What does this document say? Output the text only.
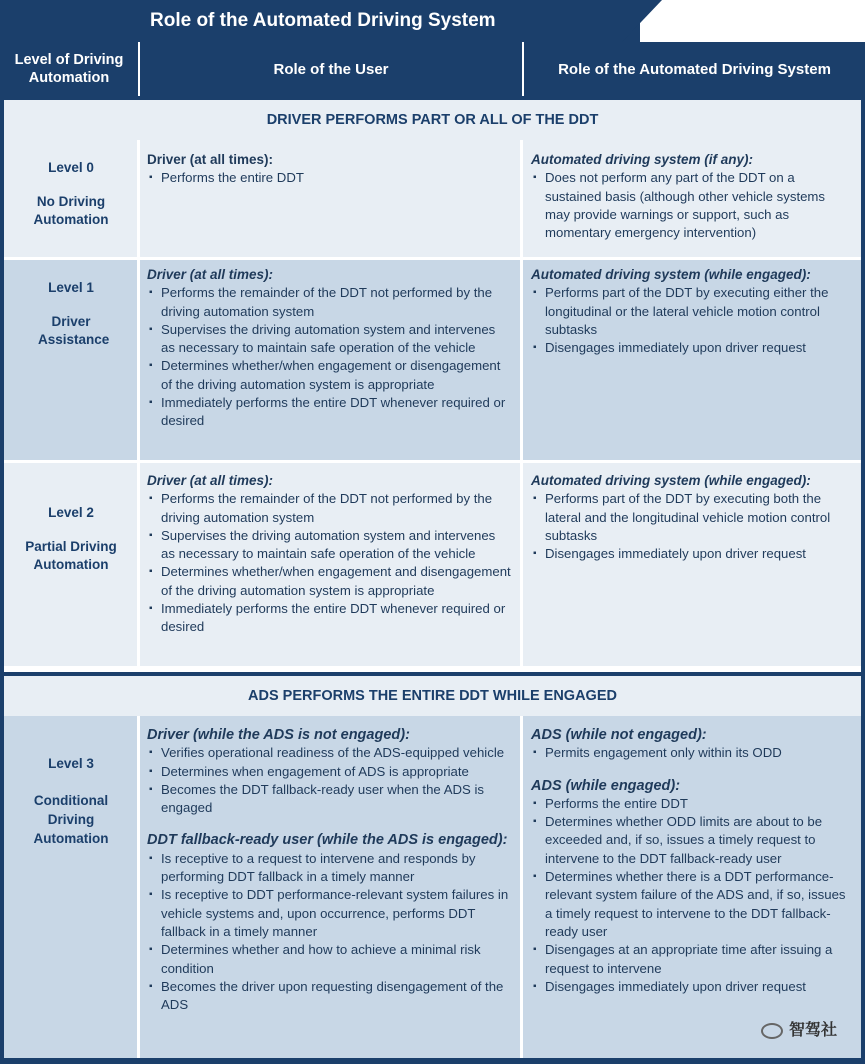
Role of the Automated Driving System
Level of Driving Automation
Role of the User	Role of the Automated Driving System
DRIVER PERFORMS PART OR ALL OF THE DDT
ADS PERFORMS THE ENTIRE DDT WHILE ENGAGED
Level 0
No Driving Automation
Level 1
Driver Assistance
Level 2
Partial Driving Automation
Level 3
Conditional Driving Automation
Driver (at all times):
▪ Performs the entire DDT
Driver (at all times):
▪ Performs the remainder of the DDT not performed by the driving automation system
▪ Supervises the driving automation system and intervenes as necessary to maintain safe operation of the vehicle
▪ Determines whether/when engagement or disengagement of the driving automation system is appropriate
▪ Immediately performs the entire DDT whenever required or desired
Driver (at all times):
▪ Performs the remainder of the DDT not performed by the driving automation system
▪ Supervises the driving automation system and intervenes as necessary to maintain safe operation of the vehicle
▪ Determines whether/when engagement and disengagement of the driving automation system is appropriate
▪ Immediately performs the entire DDT whenever required or desired
Driver (while the ADS is not engaged):
▪ Verifies operational readiness of the ADS-equipped vehicle
▪ Determines when engagement of ADS is appropriate
▪ Becomes the DDT fallback-ready user when the ADS is engaged
DDT fallback-ready user (while the ADS is engaged):
▪ Is receptive to a request to intervene and responds by performing DDT fallback in a timely manner
▪ Is receptive to DDT performance-relevant system failures in vehicle systems and, upon occurrence, performs DDT fallback in a timely manner
▪ Determines whether and how to achieve a minimal risk condition
▪ Becomes the driver upon requesting disengagement of the ADS
Automated driving system (if any):
▪ Does not perform any part of the DDT on a sustained basis (although other vehicle systems may provide warnings or support, such as momentary emergency intervention)
Automated driving system (while engaged):
▪ Performs part of the DDT by executing either the longitudinal or the lateral vehicle motion control subtasks
▪ Disengages immediately upon driver request
Automated driving system (while engaged):
▪ Performs part of the DDT by executing both the lateral and the longitudinal vehicle motion control subtasks
▪ Disengages immediately upon driver request
ADS (while not engaged):
▪ Permits engagement only within its ODD
ADS (while engaged):
▪ Performs the entire DDT
▪ Determines whether ODD limits are about to be exceeded and, if so, issues a timely request to intervene to the DDT fallback-ready user
▪ Determines whether there is a DDT performance-relevant system failure of the ADS and, if so, issues a timely request to intervene to the DDT fallback-ready user
▪ Disengages at an appropriate time after issuing a request to intervene
▪ Disengages immediately upon driver request
智驾社
